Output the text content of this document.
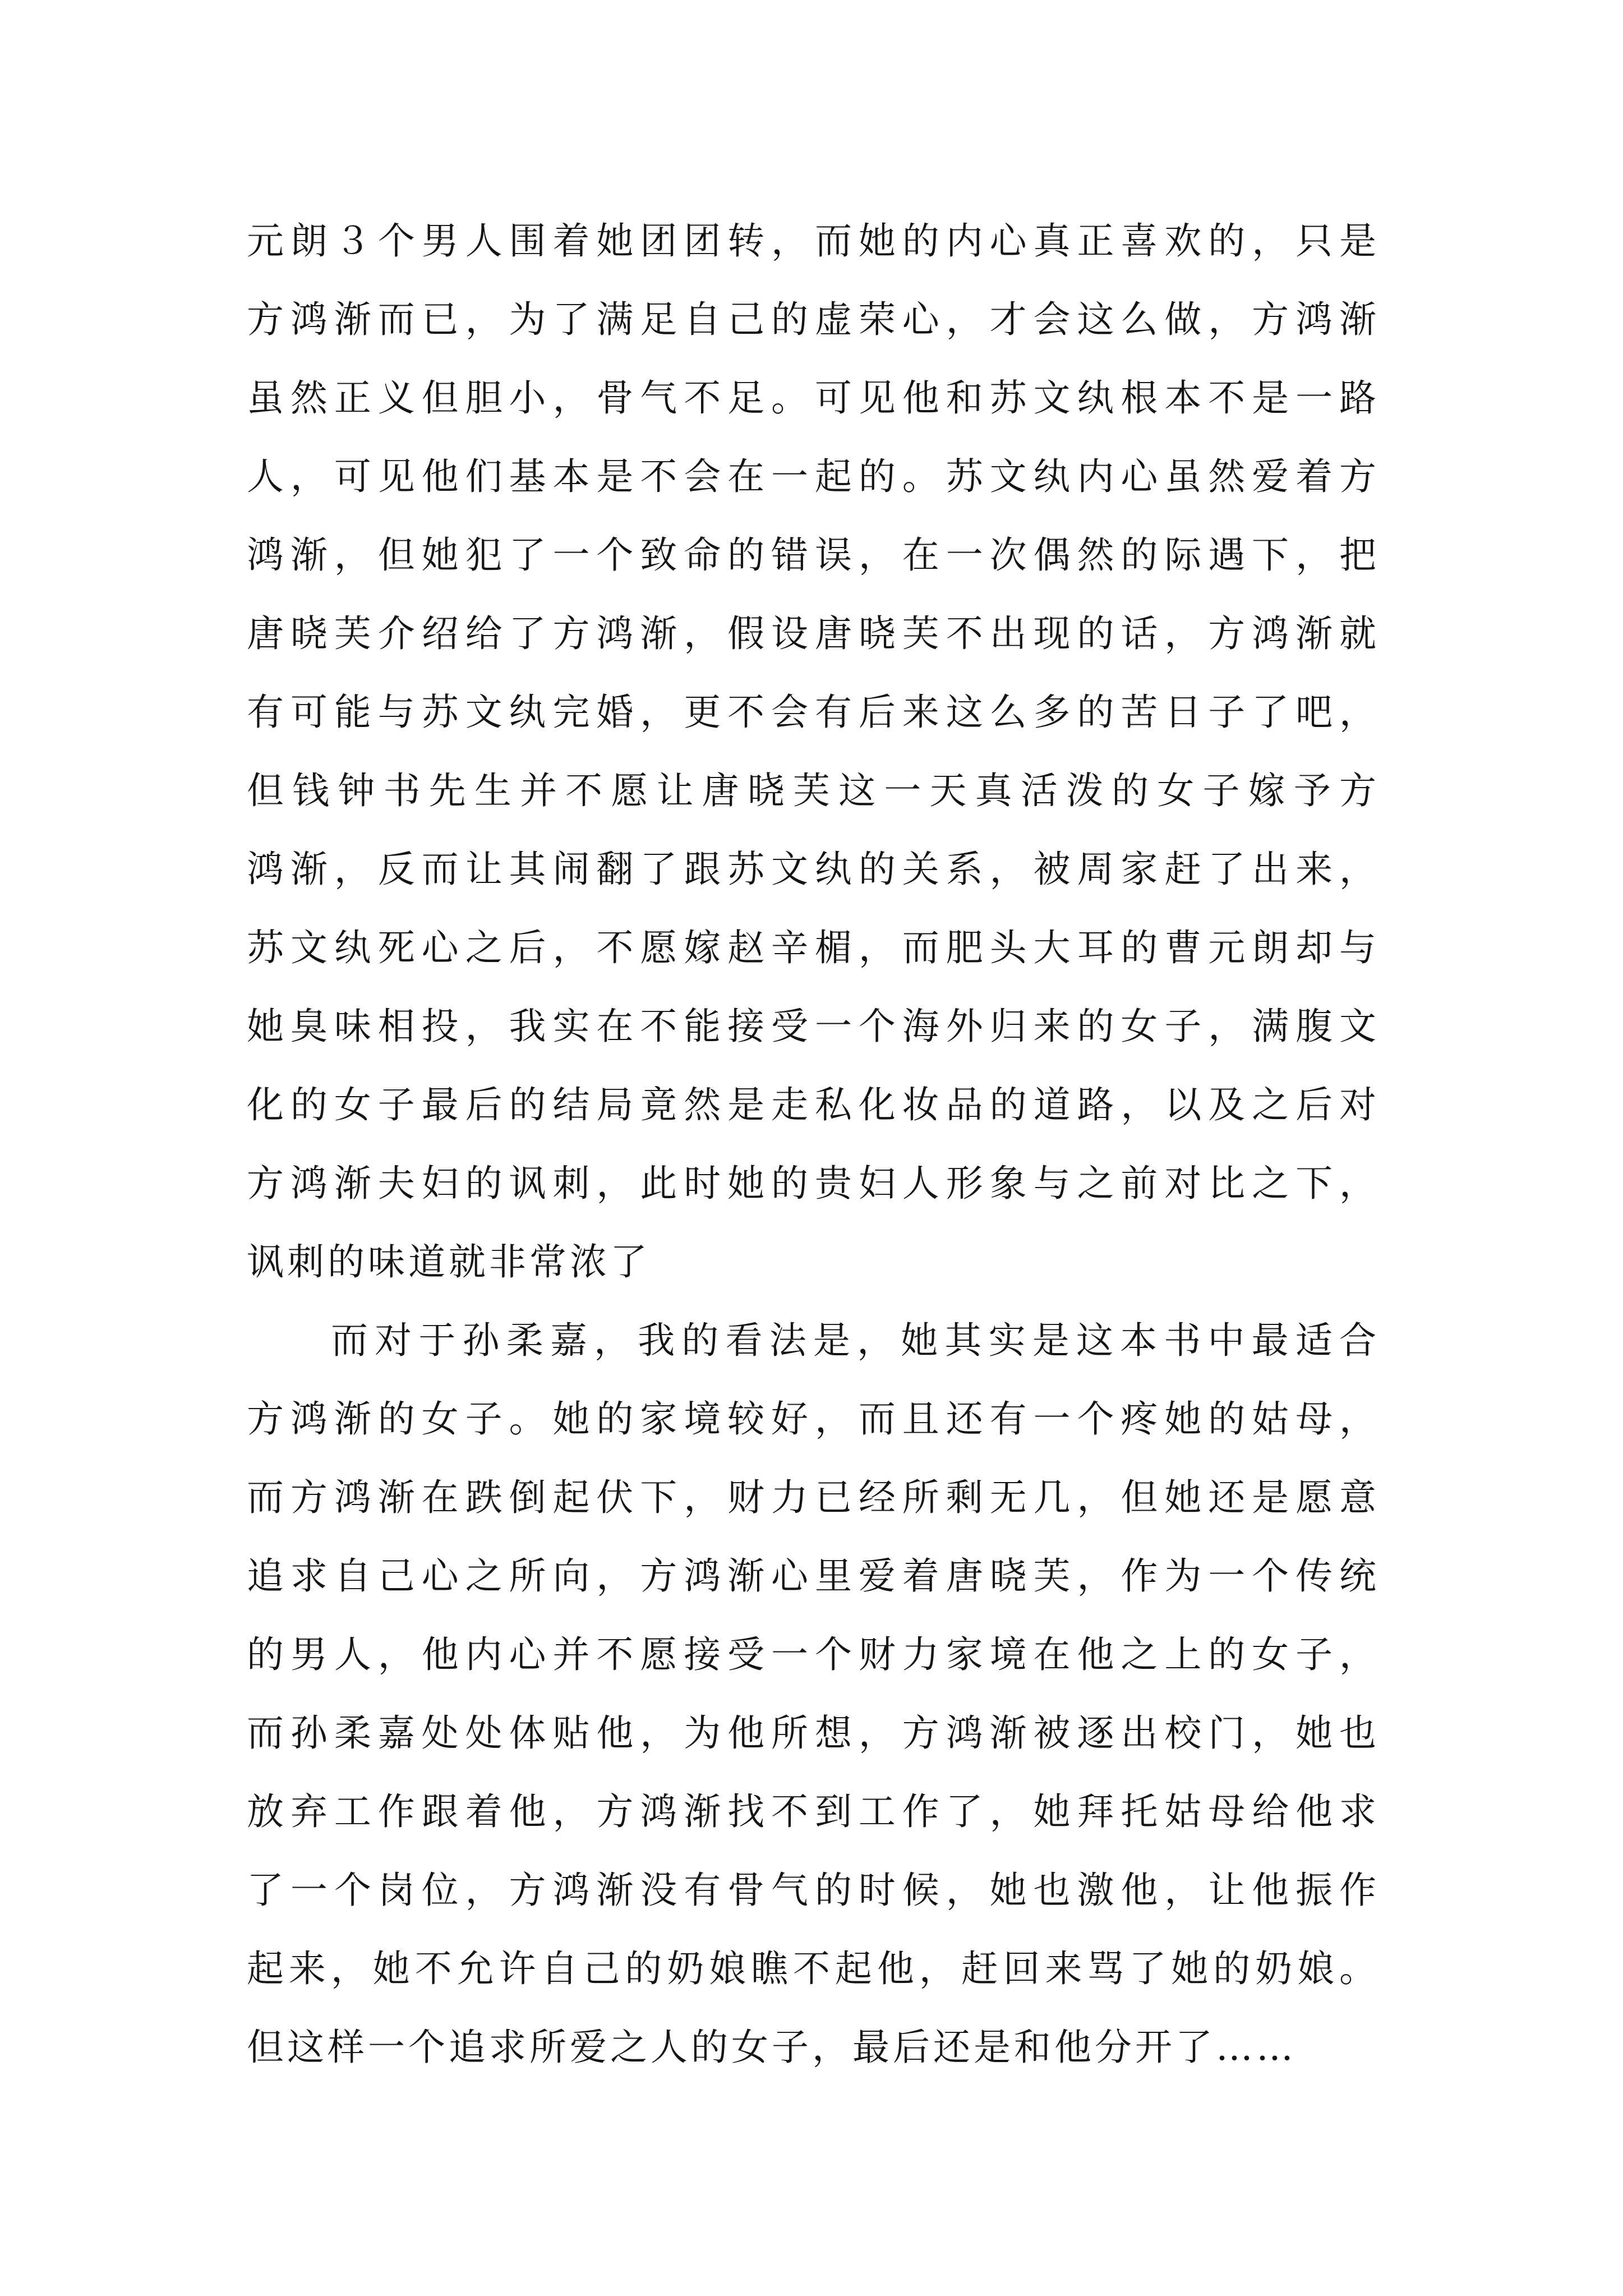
元朗３个男人围着她团团转，而她的内心真正喜欢的，只是
方鸿渐而已，为了满足自己的虚荣心，才会这么做，方鸿渐
虽然正义但胆小，骨气不足。可见他和苏文纨根本不是一路
人，可见他们基本是不会在一起的。苏文纨内心虽然爱着方
鸿渐，但她犯了一个致命的错误，在一次偶然的际遇下，把
唐晓芙介绍给了方鸿渐，假设唐晓芙不出现的话，方鸿渐就
有可能与苏文纨完婚，更不会有后来这么多的苦日子了吧，
但钱钟书先生并不愿让唐晓芙这一天真活泼的女子嫁予方
鸿渐，反而让其闹翻了跟苏文纨的关系，被周家赶了出来，
苏文纨死心之后，不愿嫁赵辛楣，而肥头大耳的曹元朗却与
她臭味相投，我实在不能接受一个海外归来的女子，满腹文
化的女子最后的结局竟然是走私化妆品的道路，以及之后对
方鸿渐夫妇的讽刺，此时她的贵妇人形象与之前对比之下，
讽刺的味道就非常浓了
而对于孙柔嘉，我的看法是，她其实是这本书中最适合
方鸿渐的女子。她的家境较好，而且还有一个疼她的姑母，
而方鸿渐在跌倒起伏下，财力已经所剩无几，但她还是愿意
追求自己心之所向，方鸿渐心里爱着唐晓芙，作为一个传统
的男人，他内心并不愿接受一个财力家境在他之上的女子，
而孙柔嘉处处体贴他，为他所想，方鸿渐被逐出校门，她也
放弃工作跟着他，方鸿渐找不到工作了，她拜托姑母给他求
了一个岗位，方鸿渐没有骨气的时候，她也激他，让他振作
起来，她不允许自己的奶娘瞧不起他，赶回来骂了她的奶娘。
但这样一个追求所爱之人的女子，最后还是和他分开了……
